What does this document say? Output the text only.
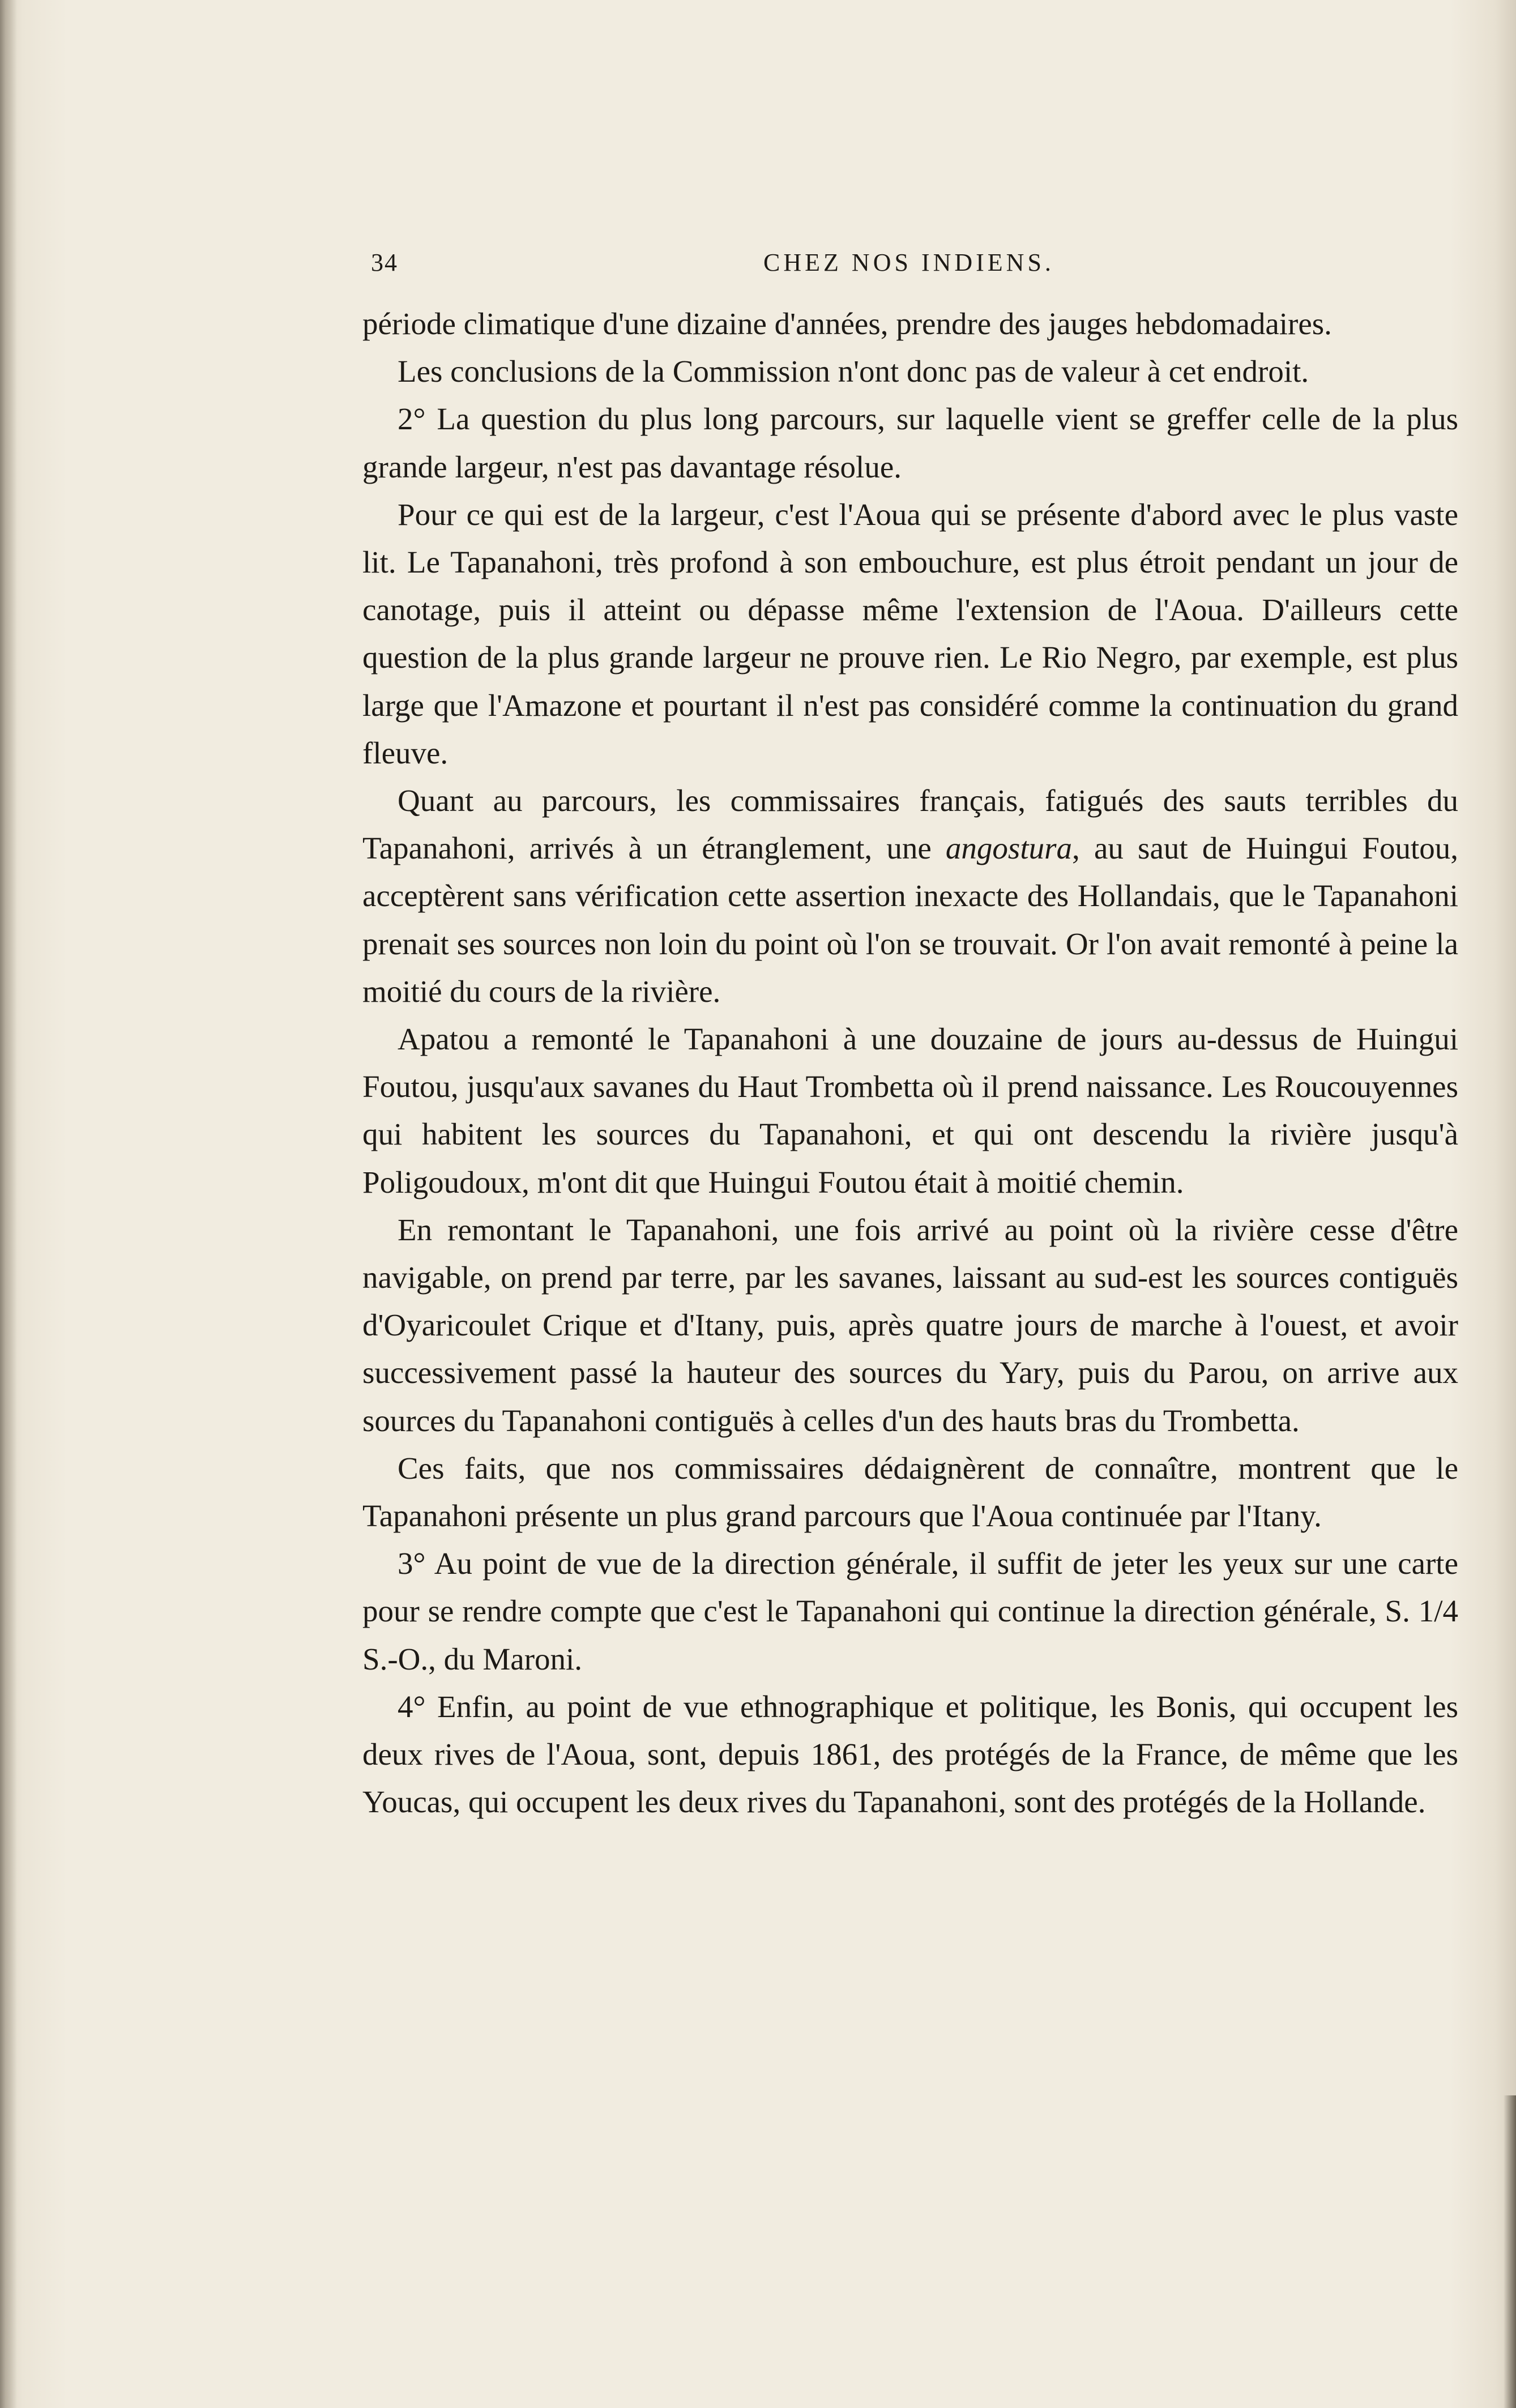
34	CHEZ NOS INDIENS.

période climatique d'une dizaine d'années, prendre des jauges hebdomadaires.

Les conclusions de la Commission n'ont donc pas de valeur à cet endroit.

2° La question du plus long parcours, sur laquelle vient se greffer celle de la plus grande largeur, n'est pas davantage résolue.

Pour ce qui est de la largeur, c'est l'Aoua qui se présente d'abord avec le plus vaste lit. Le Tapanahoni, très profond à son embouchure, est plus étroit pendant un jour de canotage, puis il atteint ou dépasse même l'extension de l'Aoua. D'ailleurs cette question de la plus grande largeur ne prouve rien. Le Rio Negro, par exemple, est plus large que l'Amazone et pourtant il n'est pas considéré comme la continuation du grand fleuve.

Quant au parcours, les commissaires français, fatigués des sauts terribles du Tapanahoni, arrivés à un étranglement, une angostura, au saut de Huingui Foutou, acceptèrent sans vérification cette assertion inexacte des Hollandais, que le Tapanahoni prenait ses sources non loin du point où l'on se trouvait. Or l'on avait remonté à peine la moitié du cours de la rivière.

Apatou a remonté le Tapanahoni à une douzaine de jours au-dessus de Huingui Foutou, jusqu'aux savanes du Haut Trombetta où il prend naissance. Les Roucouyennes qui habitent les sources du Tapanahoni, et qui ont descendu la rivière jusqu'à Poligoudoux, m'ont dit que Huingui Foutou était à moitié chemin.

En remontant le Tapanahoni, une fois arrivé au point où la rivière cesse d'être navigable, on prend par terre, par les savanes, laissant au sud-est les sources contiguës d'Oyaricoulet Crique et d'Itany, puis, après quatre jours de marche à l'ouest, et avoir successivement passé la hauteur des sources du Yary, puis du Parou, on arrive aux sources du Tapanahoni contiguës à celles d'un des hauts bras du Trombetta.

Ces faits, que nos commissaires dédaignèrent de connaître, montrent que le Tapanahoni présente un plus grand parcours que l'Aoua continuée par l'Itany.

3° Au point de vue de la direction générale, il suffit de jeter les yeux sur une carte pour se rendre compte que c'est le Tapanahoni qui continue la direction générale, S. 1/4 S.-O., du Maroni.

4° Enfin, au point de vue ethnographique et politique, les Bonis, qui occupent les deux rives de l'Aoua, sont, depuis 1861, des protégés de la France, de même que les Youcas, qui occupent les deux rives du Tapanahoni, sont des protégés de la Hollande.
